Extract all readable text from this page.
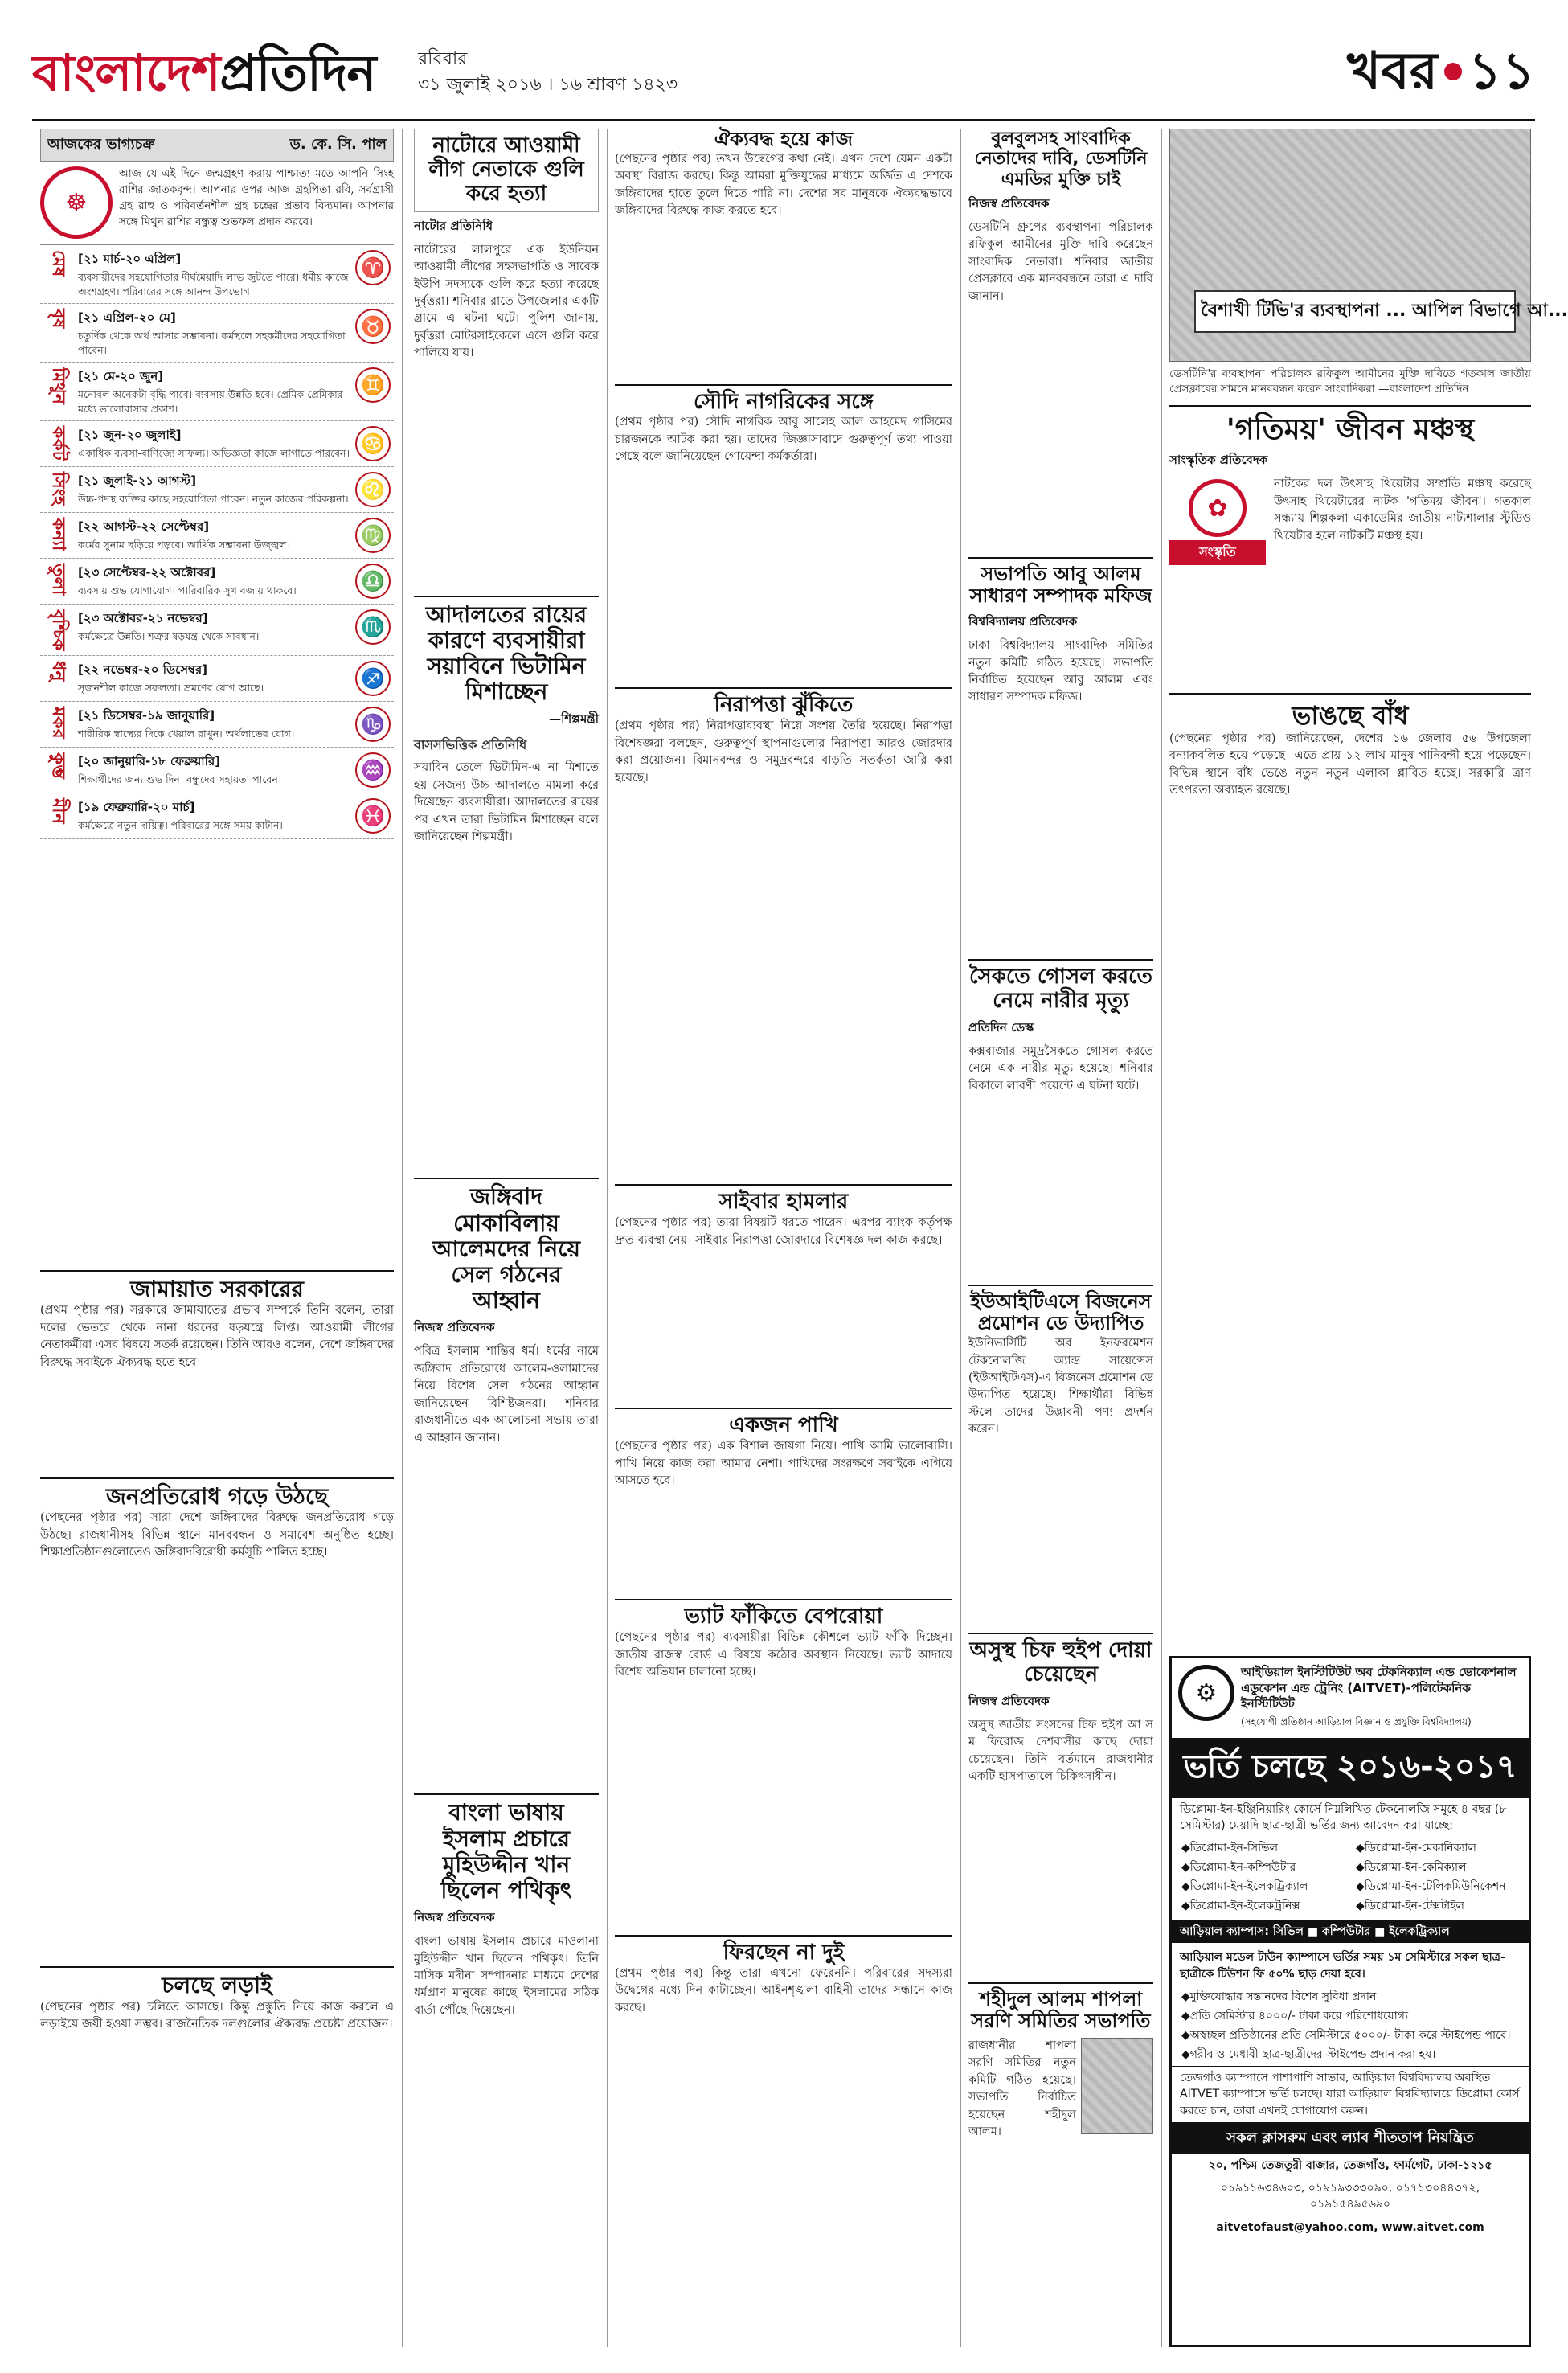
বাংলাদেশপ্রতিদিন	রবিবার
৩১ জুলাই ২০১৬ । ১৬ শ্রাবণ ১৪২৩	খবর ১১
আজকের ভাগ্যচক্র	ড. কে. সি. পাল
☸
আজ যে এই দিনে জন্মগ্রহণ করায় পাশ্চাত্য মতে আপনি সিংহ রাশির জাতকবৃন্দ। আপনার ওপর আজ গ্রহপিতা রবি, সর্বগ্রাসী গ্রহ রাহু ও পরিবর্তনশীল গ্রহ চন্দ্রের প্রভাব বিদ্যমান। আপনার সঙ্গে মিথুন রাশির বন্ধুত্ব শুভফল প্রদান করবে।
মেষ [২১ মার্চ-২০ এপ্রিল]
ব্যবসায়ীদের সহযোগিতার দীর্ঘমেয়াদি লাভ জুটতে পারে। ধর্মীয় কাজে অংশগ্রহণ। পরিবারের সঙ্গে আনন্দ উপভোগ।
♈
বৃষ [২১ এপ্রিল-২০ মে]
চতুর্দিক থেকে অর্থ আসার সম্ভাবনা। কর্মস্থলে সহকর্মীদের সহযোগিতা পাবেন।
♉
মিথুন [২১ মে-২০ জুন]
মনোবল অনেকটা বৃদ্ধি পাবে। ব্যবসায় উন্নতি হবে। প্রেমিক-প্রেমিকার মধ্যে ভালোবাসার প্রকাশ।
♊
কর্কট [২১ জুন-২০ জুলাই]
একাধিক ব্যবসা-বাণিজ্যে সাফল্য। অভিজ্ঞতা কাজে লাগাতে পারবেন। ♋
সিংহ [২১ জুলাই-২১ আগস্ট]
উচ্চ-পদস্থ ব্যক্তির কাছে সহযোগিতা পাবেন। নতুন কাজের পরিকল্পনা। ♌
কন্যা [২২ আগস্ট-২২ সেপ্টেম্বর]
কর্মের সুনাম ছড়িয়ে পড়বে। আর্থিক সম্ভাবনা উজ্জ্বল।	♍
তুলা [২৩ সেপ্টেম্বর-২২ অক্টোবর]
ব্যবসায় শুভ যোগাযোগ। পারিবারিক সুখ বজায় থাকবে।	♎
বৃশ্চিক [২৩ অক্টোবর-২১ নভেম্বর]
কর্মক্ষেত্রে উন্নতি। শত্রুর ষড়যন্ত্র থেকে সাবধান।	♏
ধনু [২২ নভেম্বর-২০ ডিসেম্বর]
সৃজনশীল কাজে সফলতা। ভ্রমণের যোগ আছে।	♐
মকর [২১ ডিসেম্বর-১৯ জানুয়ারি]
শারীরিক স্বাস্থ্যের দিকে খেয়াল রাখুন। অর্থলাভের যোগ।	♑
কুম্ভ [২০ জানুয়ারি-১৮ ফেব্রুয়ারি]
শিক্ষার্থীদের জন্য শুভ দিন। বন্ধুদের সহায়তা পাবেন।	♒
মীন [১৯ ফেব্রুয়ারি-২০ মার্চ]
কর্মক্ষেত্রে নতুন দায়িত্ব। পরিবারের সঙ্গে সময় কাটান।	♓
জামায়াত সরকারের
(প্রথম পৃষ্ঠার পর) সরকারে জামায়াতের প্রভাব সম্পর্কে তিনি বলেন, তারা দলের ভেতরে থেকে নানা ধরনের ষড়যন্ত্রে লিপ্ত। আওয়ামী লীগের নেতাকর্মীরা এসব বিষয়ে সতর্ক রয়েছেন। তিনি আরও বলেন, দেশে জঙ্গিবাদের বিরুদ্ধে সবাইকে ঐক্যবদ্ধ হতে হবে।
জনপ্রতিরোধ গড়ে উঠছে
(পেছনের পৃষ্ঠার পর) সারা দেশে জঙ্গিবাদের বিরুদ্ধে জনপ্রতিরোধ গড়ে উঠছে। রাজধানীসহ বিভিন্ন স্থানে মানববন্ধন ও সমাবেশ অনুষ্ঠিত হচ্ছে। শিক্ষাপ্রতিষ্ঠানগুলোতেও জঙ্গিবাদবিরোধী কর্মসূচি পালিত হচ্ছে।
চলছে লড়াই
(পেছনের পৃষ্ঠার পর) চলিতে আসছে। কিন্তু প্রস্তুতি নিয়ে কাজ করলে এ লড়াইয়ে জয়ী হওয়া সম্ভব। রাজনৈতিক দলগুলোর ঐক্যবদ্ধ প্রচেষ্টা প্রয়োজন।
নাটোরে আওয়ামী লীগ নেতাকে গুলি করে হত্যা
নাটোর প্রতিনিধি
নাটোরের লালপুরে এক ইউনিয়ন আওয়ামী লীগের সহসভাপতি ও সাবেক ইউপি সদস্যকে গুলি করে হত্যা করেছে দুর্বৃত্তরা। শনিবার রাতে উপজেলার একটি গ্রামে এ ঘটনা ঘটে। পুলিশ জানায়, দুর্বৃত্তরা মোটরসাইকেলে এসে গুলি করে পালিয়ে যায়।
আদালতের রায়ের কারণে ব্যবসায়ীরা সয়াবিনে ভিটামিন মিশাচ্ছেন
—শিল্পমন্ত্রী
বাসসভিত্তিক প্রতিনিধি
সয়াবিন তেলে ভিটামিন-এ না মিশাতে হয় সেজন্য উচ্চ আদালতে মামলা করে দিয়েছেন ব্যবসায়ীরা। আদালতের রায়ের পর এখন তারা ভিটামিন মিশাচ্ছেন বলে জানিয়েছেন শিল্পমন্ত্রী।
জঙ্গিবাদ মোকাবিলায় আলেমদের নিয়ে সেল গঠনের আহ্বান
নিজস্ব প্রতিবেদক
পবিত্র ইসলাম শান্তির ধর্ম। ধর্মের নামে জঙ্গিবাদ প্রতিরোধে আলেম-ওলামাদের নিয়ে বিশেষ সেল গঠনের আহ্বান জানিয়েছেন বিশিষ্টজনরা। শনিবার রাজধানীতে এক আলোচনা সভায় তারা এ আহ্বান জানান।
বাংলা ভাষায় ইসলাম প্রচারে মুহিউদ্দীন খান ছিলেন পথিকৃৎ
নিজস্ব প্রতিবেদক
বাংলা ভাষায় ইসলাম প্রচারে মাওলানা মুহিউদ্দীন খান ছিলেন পথিকৃৎ। তিনি মাসিক মদীনা সম্পাদনার মাধ্যমে দেশের ধর্মপ্রাণ মানুষের কাছে ইসলামের সঠিক বার্তা পৌঁছে দিয়েছেন।
ঐক্যবদ্ধ হয়ে কাজ
(পেছনের পৃষ্ঠার পর) তখন উদ্বেগের কথা নেই। এখন দেশে যেমন একটা অবস্থা বিরাজ করছে। কিন্তু আমরা মুক্তিযুদ্ধের মাধ্যমে অর্জিত এ দেশকে জঙ্গিবাদের হাতে তুলে দিতে পারি না। দেশের সব মানুষকে ঐক্যবদ্ধভাবে জঙ্গিবাদের বিরুদ্ধে কাজ করতে হবে।
সৌদি নাগরিকের সঙ্গে
(প্রথম পৃষ্ঠার পর) সৌদি নাগরিক আবু সালেহ আল আহমেদ গাসিমের চারজনকে আটক করা হয়। তাদের জিজ্ঞাসাবাদে গুরুত্বপূর্ণ তথ্য পাওয়া গেছে বলে জানিয়েছেন গোয়েন্দা কর্মকর্তারা।
নিরাপত্তা ঝুঁকিতে
(প্রথম পৃষ্ঠার পর) নিরাপত্তাব্যবস্থা নিয়ে সংশয় তৈরি হয়েছে। নিরাপত্তা বিশেষজ্ঞরা বলছেন, গুরুত্বপূর্ণ স্থাপনাগুলোর নিরাপত্তা আরও জোরদার করা প্রয়োজন। বিমানবন্দর ও সমুদ্রবন্দরে বাড়তি সতর্কতা জারি করা হয়েছে।
সাইবার হামলার
(পেছনের পৃষ্ঠার পর) তারা বিষয়টি ধরতে পারেন। এরপর ব্যাংক কর্তৃপক্ষ দ্রুত ব্যবস্থা নেয়। সাইবার নিরাপত্তা জোরদারে বিশেষজ্ঞ দল কাজ করছে।
একজন পাখি
(পেছনের পৃষ্ঠার পর) এক বিশাল জায়গা নিয়ে। পাখি আমি ভালোবাসি। পাখি নিয়ে কাজ করা আমার নেশা। পাখিদের সংরক্ষণে সবাইকে এগিয়ে আসতে হবে।
ভ্যাট ফাঁকিতে বেপরোয়া
(পেছনের পৃষ্ঠার পর) ব্যবসায়ীরা বিভিন্ন কৌশলে ভ্যাট ফাঁকি দিচ্ছেন। জাতীয় রাজস্ব বোর্ড এ বিষয়ে কঠোর অবস্থান নিয়েছে। ভ্যাট আদায়ে বিশেষ অভিযান চালানো হচ্ছে।
ফিরছেন না দুই
(প্রথম পৃষ্ঠার পর) কিন্তু তারা এখনো ফেরেননি। পরিবারের সদস্যরা উদ্বেগের মধ্যে দিন কাটাচ্ছেন। আইনশৃঙ্খলা বাহিনী তাদের সন্ধানে কাজ করছে।
বুলবুলসহ সাংবাদিক নেতাদের দাবি, ডেসটিনি এমডির মুক্তি চাই
নিজস্ব প্রতিবেদক
ডেসটিনি গ্রুপের ব্যবস্থাপনা পরিচালক রফিকুল আমীনের মুক্তি দাবি করেছেন সাংবাদিক নেতারা। শনিবার জাতীয় প্রেসক্লাবে এক মানববন্ধনে তারা এ দাবি জানান।
সভাপতি আবু আলম সাধারণ সম্পাদক মফিজ
বিশ্ববিদ্যালয় প্রতিবেদক
ঢাকা বিশ্ববিদ্যালয় সাংবাদিক সমিতির নতুন কমিটি গঠিত হয়েছে। সভাপতি নির্বাচিত হয়েছেন আবু আলম এবং সাধারণ সম্পাদক মফিজ।
সৈকতে গোসল করতে নেমে নারীর মৃত্যু
প্রতিদিন ডেস্ক
কক্সবাজার সমুদ্রসৈকতে গোসল করতে নেমে এক নারীর মৃত্যু হয়েছে। শনিবার বিকালে লাবণী পয়েন্টে এ ঘটনা ঘটে।
ইউআইটিএসে বিজনেস প্রমোশন ডে উদ্যাপিত
ইউনিভার্সিটি অব ইনফরমেশন টেকনোলজি অ্যান্ড সায়েন্সেস (ইউআইটিএস)-এ বিজনেস প্রমোশন ডে উদ্যাপিত হয়েছে। শিক্ষার্থীরা বিভিন্ন স্টলে তাদের উদ্ভাবনী পণ্য প্রদর্শন করেন।
অসুস্থ চিফ হুইপ দোয়া চেয়েছেন
নিজস্ব প্রতিবেদক
অসুস্থ জাতীয় সংসদের চিফ হুইপ আ স ম ফিরোজ দেশবাসীর কাছে দোয়া চেয়েছেন। তিনি বর্তমানে রাজধানীর একটি হাসপাতালে চিকিৎসাধীন।
শহীদুল আলম শাপলা সরণি সমিতির সভাপতি
রাজধানীর শাপলা সরণি সমিতির নতুন কমিটি গঠিত হয়েছে। সভাপতি নির্বাচিত হয়েছেন শহীদুল আলম।
বৈশাখী টিভি'র ব্যবস্থাপনা ... আপিল বিভাগে আ...
ডেসটিনি'র ব্যবস্থাপনা পরিচালক রফিকুল আমীনের মুক্তি দাবিতে গতকাল জাতীয় প্রেসক্লাবের সামনে মানববন্ধন করেন সাংবাদিকরা —বাংলাদেশ প্রতিদিন
'গতিময়' জীবন মঞ্চস্থ
সাংস্কৃতিক প্রতিবেদক
✿
সংস্কৃতি
নাটকের দল উৎসাহ থিয়েটার সম্প্রতি মঞ্চস্থ করেছে উৎসাহ থিয়েটারের নাটক 'গতিময় জীবন'। গতকাল সন্ধ্যায় শিল্পকলা একাডেমির জাতীয় নাট্যশালার স্টুডিও থিয়েটার হলে নাটকটি মঞ্চস্থ হয়।
ভাঙছে বাঁধ
(পেছনের পৃষ্ঠার পর) জানিয়েছেন, দেশের ১৬ জেলার ৫৬ উপজেলা বন্যাকবলিত হয়ে পড়েছে। এতে প্রায় ১২ লাখ মানুষ পানিবন্দী হয়ে পড়েছেন। বিভিন্ন স্থানে বাঁধ ভেঙে নতুন নতুন এলাকা প্লাবিত হচ্ছে। সরকারি ত্রাণ তৎপরতা অব্যাহত রয়েছে।
⚙
আইডিয়াল ইনস্টিটিউট অব টেকনিক্যাল এন্ড ভোকেশনাল এডুকেশন এন্ড ট্রেনিং (AITVET)-পলিটেকনিক ইনস্টিটিউট
(সহযোগী প্রতিষ্ঠান আড়িয়াল বিজ্ঞান ও প্রযুক্তি বিশ্ববিদ্যালয়)
ভর্তি চলছে ২০১৬-২০১৭
ডিপ্লোমা-ইন-ইঞ্জিনিয়ারিং কোর্সে নিম্নলিখিত টেকনোলজি সমূহে ৪ বছর (৮ সেমিস্টার) মেয়াদি ছাত্র-ছাত্রী ভর্তির জন্য আবেদন করা যাচ্ছে:
◆ ডিপ্লোমা-ইন-সিভিল
◆ ডিপ্লোমা-ইন-কম্পিউটার
◆ ডিপ্লোমা-ইন-ইলেকট্রিক্যাল
◆ ডিপ্লোমা-ইন-ইলেকট্রনিক্স
◆ ডিপ্লোমা-ইন-মেকানিক্যাল
◆ ডিপ্লোমা-ইন-কেমিক্যাল
◆ ডিপ্লোমা-ইন-টেলিকমিউনিকেশন
◆ ডিপ্লোমা-ইন-টেক্সটাইল
আড়িয়াল ক্যাম্পাস: সিভিল ■ কম্পিউটার ■ ইলেকট্রিক্যাল
আড়িয়াল মডেল টাউন ক্যাম্পাসে ভর্তির সময় ১ম সেমিস্টারে সকল ছাত্র-ছাত্রীকে টিউশন ফি ৫০% ছাড় দেয়া হবে।
◆ মুক্তিযোদ্ধার সন্তানদের বিশেষ সুবিধা প্রদান
◆ প্রতি সেমিস্টার ৪০০০/- টাকা করে পরিশোধযোগ্য
◆ অস্বচ্ছল প্রতিষ্ঠানের প্রতি সেমিস্টারে ৫০০০/- টাকা করে স্টাইপেন্ড পাবে।
◆ গরীব ও মেধাবী ছাত্র-ছাত্রীদের স্টাইপেন্ড প্রদান করা হয়।
তেজগাঁও ক্যাম্পাসে পাশাপাশি সাভার, আড়িয়াল বিশ্ববিদ্যালয় অবস্থিত AITVET ক্যাম্পাসে ভর্তি চলছে। যারা আড়িয়াল বিশ্ববিদ্যালয়ে ডিপ্লোমা কোর্স করতে চান, তারা এখনই যোগাযোগ করুন।
সকল ক্লাসরুম এবং ল্যাব শীততাপ নিয়ন্ত্রিত
২০, পশ্চিম তেজতুরী বাজার, তেজগাঁও, ফার্মগেট, ঢাকা-১২১৫
০১৯১১৬৩৪৬০৩, ০১৯১৯৩৩৩০৯০, ০১৭১৩০৪৪৩৭২, ০১৯১৫৪৯৫৬৯০
aitvetofaust@yahoo.com, www.aitvet.com
